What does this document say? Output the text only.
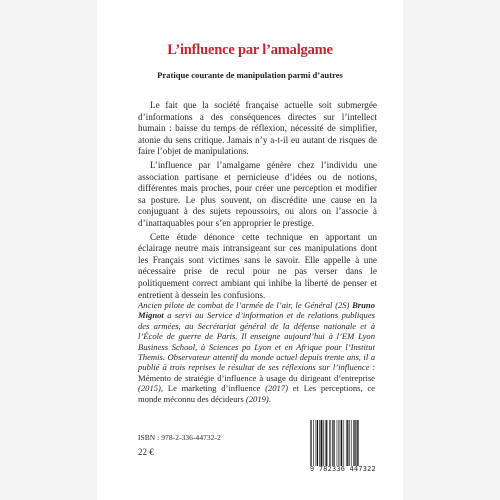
L’influence par l’amalgame
Pratique courante de manipulation parmi d’autres

Le fait que la société française actuelle soit submergée d’informations a des conséquences directes sur l’intellect humain : baisse du temps de réflexion, nécessité de simplifier, atonie du sens critique. Jamais n’y a-t-il eu autant de risques de faire l’objet de manipulations.

L’influence par l’amalgame génère chez l’individu une association partisane et pernicieuse d’idées ou de notions, différentes mais proches, pour créer une perception et modifier sa posture. Le plus souvent, on discrédite une cause en la conjuguant à des sujets repoussoirs, ou alors on l’associe à d’inattaquables pour s’en approprier le prestige.

Cette étude dénonce cette technique en apportant un éclairage neutre mais intransigeant sur ces manipulations dont les Français sont victimes sans le savoir. Elle appelle à une nécessaire prise de recul pour ne pas verser dans le politiquement correct ambiant qui inhibe la liberté de penser et entretient à dessein les confusions.

Ancien pilote de combat de l’armée de l’air, le Général (2S) Bruno Mignot a servi au Service d’information et de relations publiques des armées, au Secrétariat général de la défense nationale et à l’École de guerre de Paris. Il enseigne aujourd’hui à l’EM Lyon Business School, à Sciences po Lyon et en Afrique pour l’Institut Themis. Observateur attentif du monde actuel depuis trente ans, il a publié à trois reprises le résultat de ses réflexions sur l’influence : Mémento de stratégie d’influence à usage du dirigeant d’entreprise (2015), Le marketing d’influence (2017) et Les perceptions, ce monde méconnu des décideurs (2019).
ISBN : 978-2-336-44732-2
22 €
9 782336 447322
